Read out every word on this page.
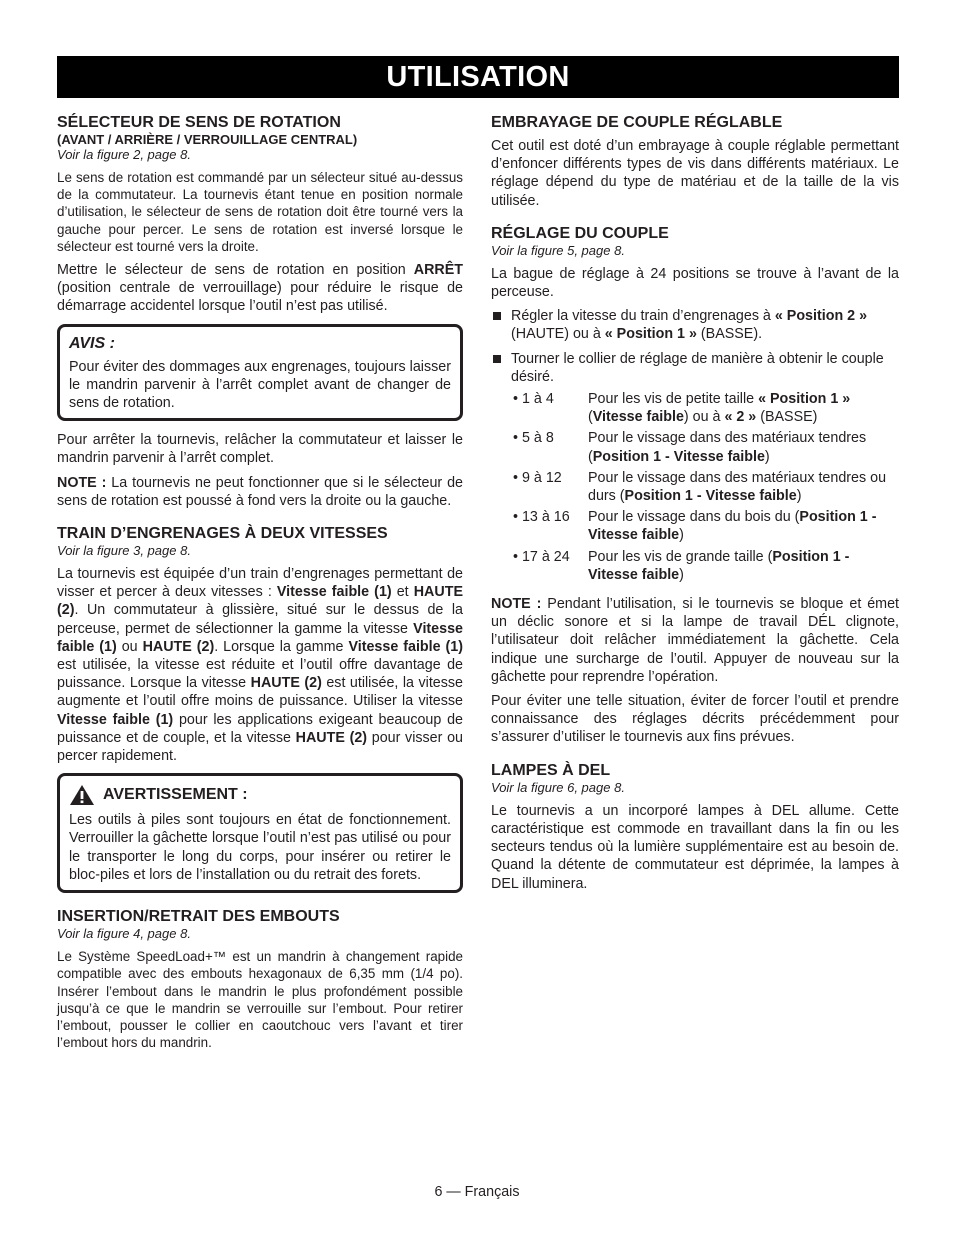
UTILISATION
SÉLECTEUR DE SENS DE ROTATION
(AVANT / ARRIÈRE / VERROUILLAGE CENTRAL)
Voir la figure 2, page 8.

Le sens de rotation est commandé par un sélecteur situé au-dessus de la commutateur. La tournevis étant tenue en position normale d’utilisation, le sélecteur de sens de rotation doit être tourné vers la gauche pour percer. Le sens de rotation est inversé lorsque le sélecteur est tourné vers la droite.

Mettre le sélecteur de sens de rotation en position ARRÊT (position centrale de verrouillage) pour réduire le risque de démarrage accidentel lorsque l’outil n’est pas utilisé.

AVIS :

Pour éviter des dommages aux engrenages, toujours laisser le mandrin parvenir à l’arrêt complet avant de changer de sens de rotation.

Pour arrêter la tournevis, relâcher la commutateur et laisser le mandrin parvenir à l’arrêt complet.

NOTE : La tournevis ne peut fonctionner que si le sélecteur de sens de rotation est poussé à fond vers la droite ou la gauche.

TRAIN D’ENGRENAGES À DEUX VITESSES
Voir la figure 3, page 8.

La tournevis est équipée d’un train d’engrenages permettant de visser et percer à deux vitesses : Vitesse faible (1) et HAUTE (2). Un commutateur à glissière, situé sur le dessus de la perceuse, permet de sélectionner la gamme la vitesse Vitesse faible (1) ou HAUTE (2). Lorsque la gamme Vitesse faible (1) est utilisée, la vitesse est réduite et l’outil offre davantage de puissance. Lorsque la vitesse HAUTE (2) est utilisée, la vitesse augmente et l’outil offre moins de puissance. Utiliser la vitesse Vitesse faible (1) pour les applications exigeant beaucoup de puissance et de couple, et la vitesse HAUTE (2) pour visser ou percer rapidement.

AVERTISSEMENT :

Les outils à piles sont toujours en état de fonctionnement. Verrouiller la gâchette lorsque l’outil n’est pas utilisé ou pour le transporter le long du corps, pour insérer ou retirer le bloc-piles et lors de l’installation ou du retrait des forets.

INSERTION/RETRAIT DES EMBOUTS
Voir la figure 4, page 8.

Le Système SpeedLoad+™ est un mandrin à changement rapide compatible avec des embouts hexagonaux de 6,35 mm (1/4 po). Insérer l’embout dans le mandrin le plus profondément possible jusqu’à ce que le mandrin se verrouille sur l’embout. Pour retirer l’embout, pousser le collier en caoutchouc vers l’avant et tirer l’embout hors du mandrin.

EMBRAYAGE DE COUPLE RÉGLABLE

Cet outil est doté d’un embrayage à couple réglable permettant d’enfoncer différents types de vis dans différents matériaux. Le réglage dépend du type de matériau et de la taille de la vis utilisée.

RÉGLAGE DU COUPLE
Voir la figure 5, page 8.

La bague de réglage à 24 positions se trouve à l’avant de la perceuse.

Régler la vitesse du train d’engrenages à « Position 2 » (HAUTE) ou à « Position 1 » (BASSE).
Tourner le collier de réglage de manière à obtenir le couple désiré.
• 1 à 4	Pour les vis de petite taille « Position 1 » (Vitesse faible) ou à « 2 » (BASSE)
• 5 à 8	Pour le vissage dans des matériaux tendres (Position 1 - Vitesse faible)
• 9 à 12	Pour le vissage dans des matériaux tendres ou durs (Position 1 - Vitesse faible)
• 13 à 16	Pour le vissage dans du bois du (Position 1 - Vitesse faible)
• 17 à 24	Pour les vis de grande taille (Position 1 - Vitesse faible)

NOTE : Pendant l’utilisation, si le tournevis se bloque et émet un déclic sonore et si la lampe de travail DÉL clignote, l’utilisateur doit relâcher immédiatement la gâchette. Cela indique une surcharge de l’outil. Appuyer de nouveau sur la gâchette pour reprendre l’opération.

Pour éviter une telle situation, éviter de forcer l’outil et prendre connaissance des réglages décrits précédemment pour s’assurer d’utiliser le tournevis aux fins prévues.

LAMPES À DEL
Voir la figure 6, page 8.

Le tournevis a un incorporé lampes à DEL allume. Cette caractéristique est commode en travaillant dans la fin ou les secteurs tendus où la lumière supplémentaire est au besoin de. Quand la détente de commutateur est déprimée, la lampes à DEL illuminera.

6 — Français
